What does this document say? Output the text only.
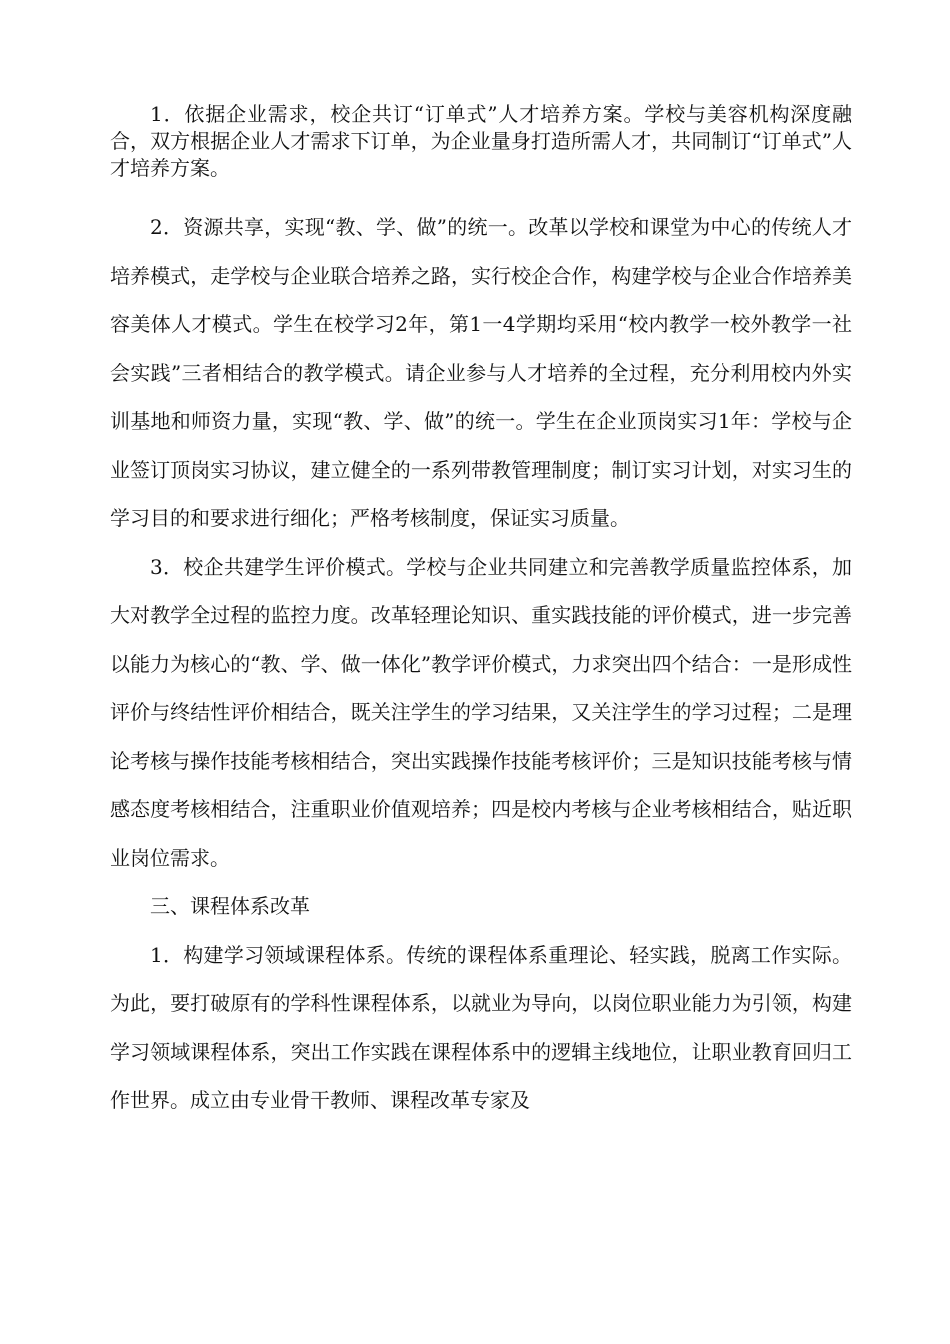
1．依据企业需求，校企共订“订单式”人才培养方案。学校与美容机构深度融合，双方根据企业人才需求下订单，为企业量身打造所需人才，共同制订“订单式”人才培养方案。

2．资源共享，实现“教、学、做”的统一。改革以学校和课堂为中心的传统人才培养模式，走学校与企业联合培养之路，实行校企合作，构建学校与企业合作培养美容美体人才模式。学生在校学习2年，第1一4学期均采用“校内教学一校外教学一社会实践”三者相结合的教学模式。请企业参与人才培养的全过程，充分利用校内外实训基地和师资力量，实现“教、学、做”的统一。学生在企业顶岗实习1年：学校与企业签订顶岗实习协议，建立健全的一系列带教管理制度；制订实习计划，对实习生的学习目的和要求进行细化；严格考核制度，保证实习质量。

3．校企共建学生评价模式。学校与企业共同建立和完善教学质量监控体系，加大对教学全过程的监控力度。改革轻理论知识、重实践技能的评价模式，进一步完善以能力为核心的“教、学、做一体化”教学评价模式，力求突出四个结合：一是形成性评价与终结性评价相结合，既关注学生的学习结果，又关注学生的学习过程；二是理论考核与操作技能考核相结合，突出实践操作技能考核评价；三是知识技能考核与情感态度考核相结合，注重职业价值观培养；四是校内考核与企业考核相结合，贴近职业岗位需求。

三、课程体系改革

1．构建学习领域课程体系。传统的课程体系重理论、轻实践，脱离工作实际。为此，要打破原有的学科性课程体系，以就业为导向，以岗位职业能力为引领，构建学习领域课程体系，突出工作实践在课程体系中的逻辑主线地位，让职业教育回归工作世界。成立由专业骨干教师、课程改革专家及
